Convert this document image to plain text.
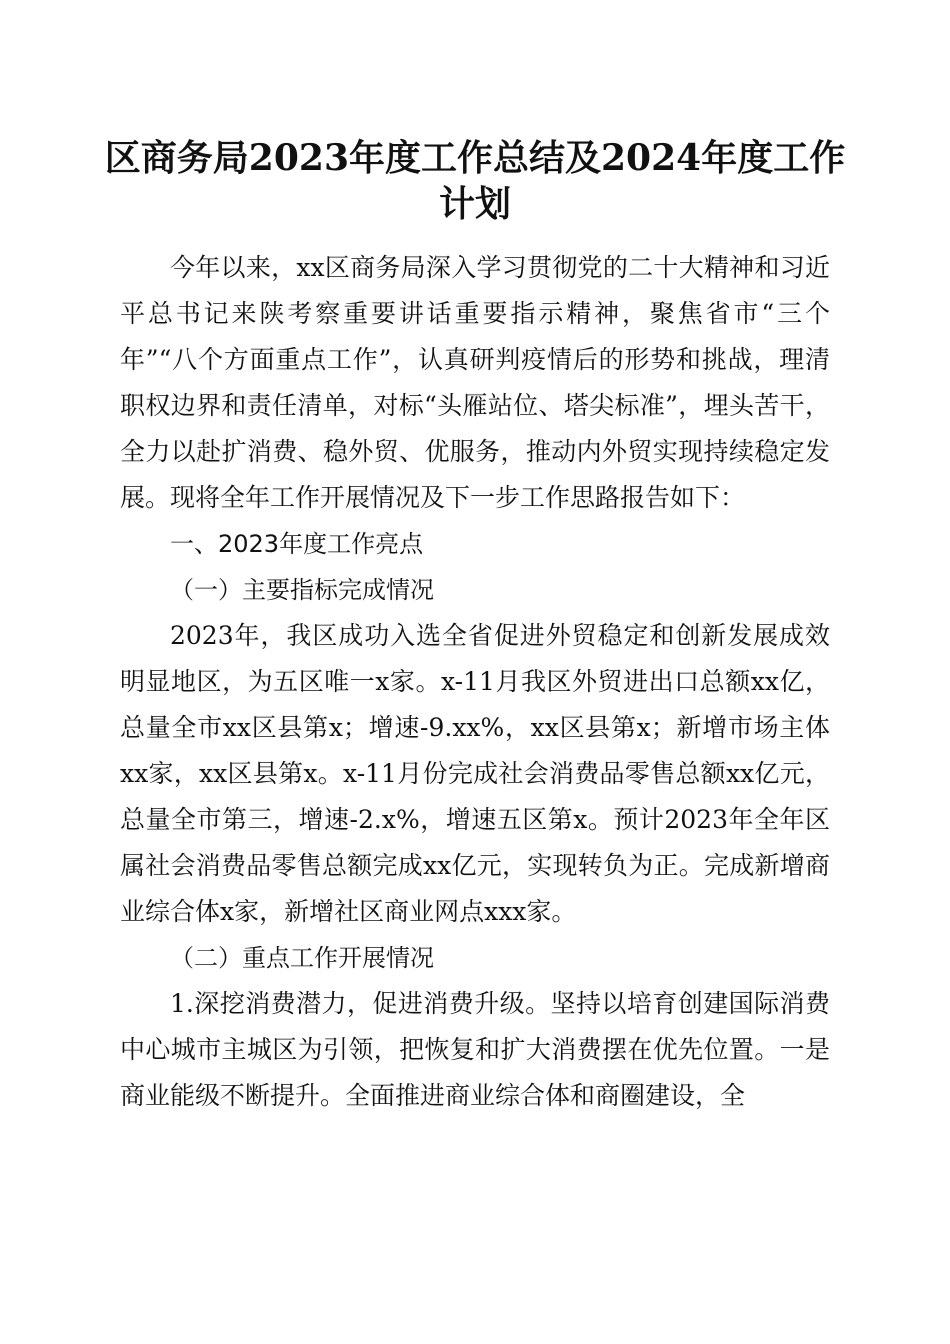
区商务局2023年度工作总结及2024年度工作
计划

今年以来，xx区商务局深入学习贯彻党的二十大精神和习近平总书记来陕考察重要讲话重要指示精神，聚焦省市“三个年”“八个方面重点工作”，认真研判疫情后的形势和挑战，理清职权边界和责任清单，对标“头雁站位、塔尖标准”，埋头苦干，全力以赴扩消费、稳外贸、优服务，推动内外贸实现持续稳定发展。现将全年工作开展情况及下一步工作思路报告如下：

一、2023年度工作亮点

（一）主要指标完成情况

2023年，我区成功入选全省促进外贸稳定和创新发展成效明显地区，为五区唯一x家。x-11月我区外贸进出口总额xx亿，总量全市xx区县第x；增速-9.xx%，xx区县第x；新增市场主体xx家，xx区县第x。x-11月份完成社会消费品零售总额xx亿元，总量全市第三，增速-2.x%，增速五区第x。预计2023年全年区属社会消费品零售总额完成xx亿元，实现转负为正。完成新增商业综合体x家，新增社区商业网点xxx家。

（二）重点工作开展情况

1.深挖消费潜力，促进消费升级。坚持以培育创建国际消费中心城市主城区为引领，把恢复和扩大消费摆在优先位置。一是商业能级不断提升。全面推进商业综合体和商圈建设，全
